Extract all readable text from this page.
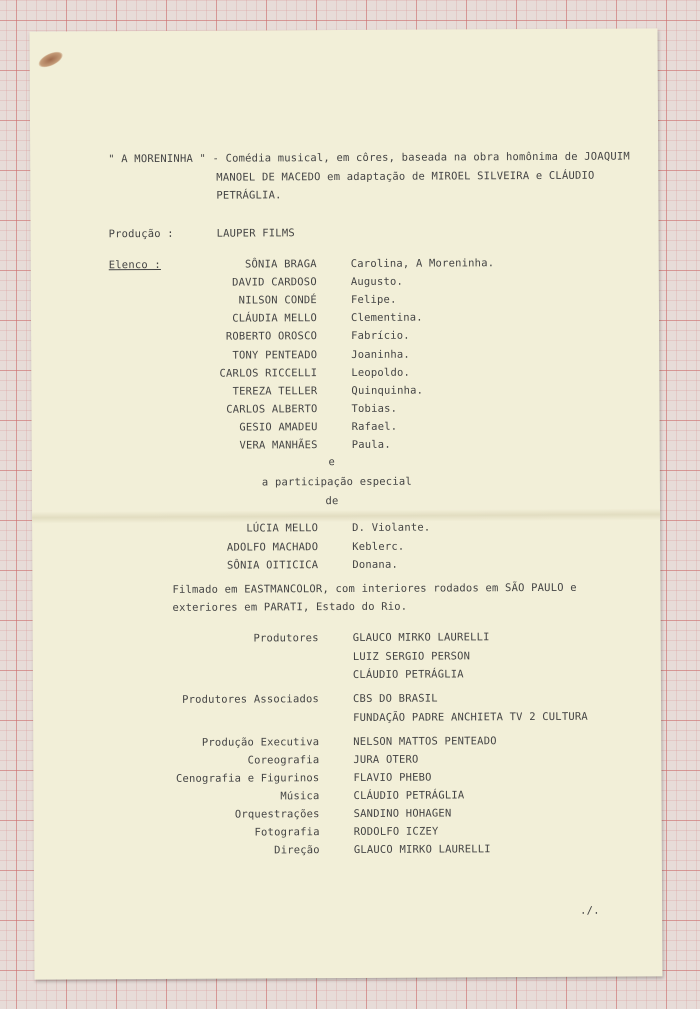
" A MORENINHA " - Comédia musical, em côres, baseada na obra homônima de JOAQUIM

MANOEL DE MACEDO em adaptação de MIROEL SILVEIRA e CLÁUDIO

PETRÁGLIA.

Produção :	LAUPER FILMS

Elenco :	SÔNIA BRAGA	Carolina, A Moreninha.

DAVID CARDOSO	Augusto.

NILSON CONDÉ	Felipe.

CLÁUDIA MELLO	Clementina.

ROBERTO OROSCO	Fabrício.

TONY PENTEADO	Joaninha.

CARLOS RICCELLI	Leopoldo.

TEREZA TELLER	Quinquinha.

CARLOS ALBERTO	Tobias.

GESIO AMADEU	Rafael.

VERA MANHÃES	Paula.

e

a participação especial

de

LÚCIA MELLO	D. Violante.

ADOLFO MACHADO	Keblerc.

SÔNIA OITICICA	Donana.

Filmado em EASTMANCOLOR, com interiores rodados em SÃO PAULO e

exteriores em PARATI, Estado do Rio.

Produtores	GLAUCO MIRKO LAURELLI

LUIZ SERGIO PERSON

CLÁUDIO PETRÁGLIA

Produtores Associados	CBS DO BRASIL

FUNDAÇÃO PADRE ANCHIETA TV 2 CULTURA

Produção Executiva	NELSON MATTOS PENTEADO

Coreografia	JURA OTERO

Cenografia e Figurinos	FLAVIO PHEBO

Música	CLÁUDIO PETRÁGLIA

Orquestrações	SANDINO HOHAGEN

Fotografia	RODOLFO ICZEY

Direção	GLAUCO MIRKO LAURELLI

./.
